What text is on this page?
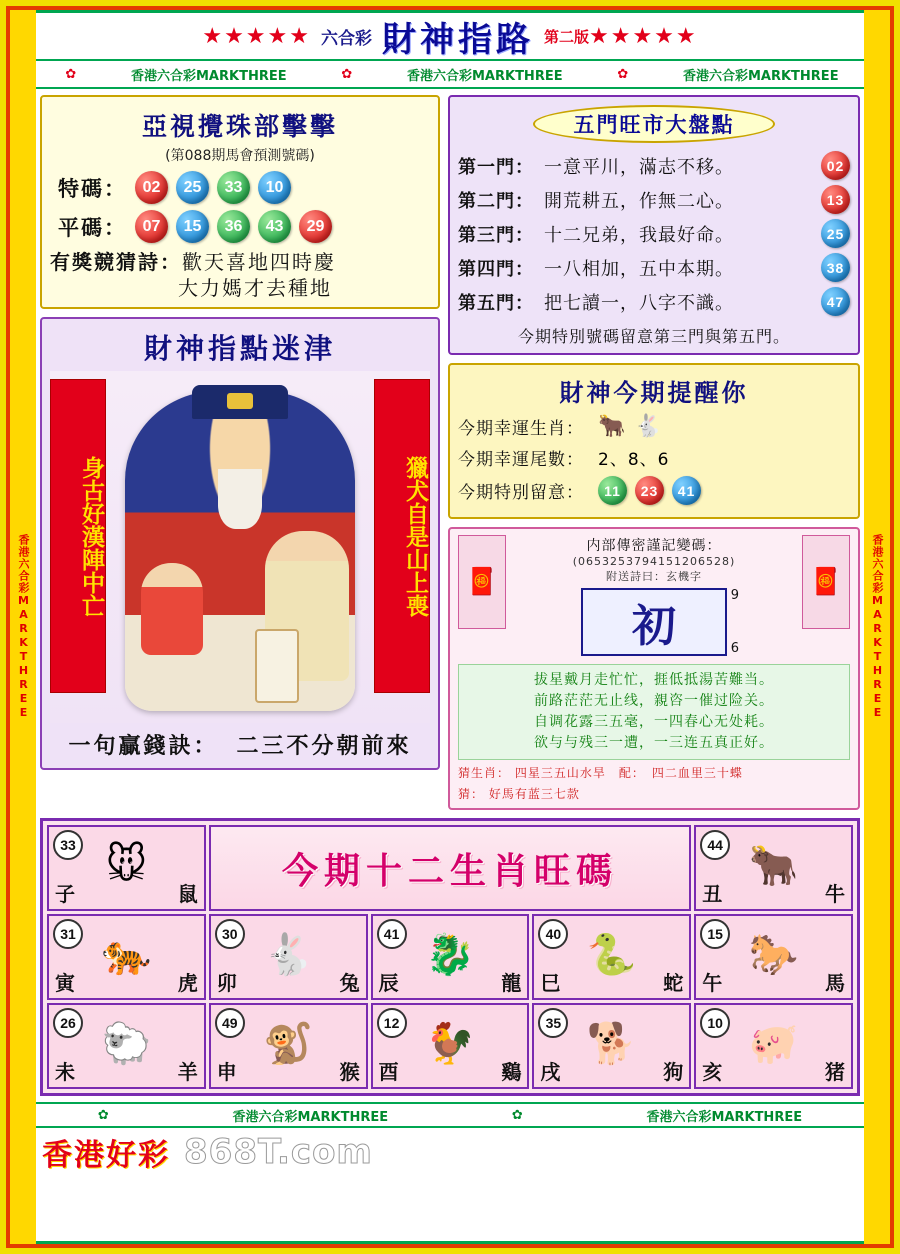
香港六合彩MARKTHREE	香港六合彩MARKTHREE
★★★★★ 六合彩 財神指路 第二版 ★★★★★
✿	香港六合彩MARKTHREE	✿	香港六合彩MARKTHREE	✿	香港六合彩MARKTHREE
亞視攪珠部擊擊
(第088期馬會預測號碼)
特碼： 02	25	33	10
平碼： 07	15	36	43	29
有獎競猜詩：歡天喜地四時慶
大力媽才去種地
財神指點迷津
身古好漢陣中亡	獵犬自是山上喪
一句贏錢訣： 二三不分朝前來
五門旺市大盤點
第一門： 一意平川，滿志不移。	02
第二門： 開荒耕五，作無二心。	13
第三門： 十二兄弟，我最好命。	25
第四門： 一八相加，五中本期。	38
第五門： 把七讀一，八字不識。	47
今期特別號碼留意第三門與第五門。
財神今期提醒你
今期幸運生肖： 🐂 🐇
今期幸運尾數： 2、8、6
今期特別留意：	11	23	41
🧧
内部傳密謹記變碼：
(0653253794151206528)
附送詩曰：玄機字
初
9
6
🧧
拔星戴月走忙忙，捱低抵湯苦難当。
前路茫茫无止线，親咨一催过险关。
自调花露三五毫，一四春心无处耗。
欲与与残三一遭，一三连五真正好。
猜生肖： 四星三五山水旱　配：　四二血里三十蝶
猜： 好馬有蓝三七款
33 🐭
子	鼠
今期十二生肖旺碼
44 🐂
丑	牛
31 🐅
寅	虎
30 🐇
卯	兔
41 🐉
辰	龍
40 🐍
巳	蛇
15 🐎
午	馬
26 🐑
未	羊
49 🐒
申	猴
12 🐓
酉	鷄
35 🐕
戌	狗
10 🐖
亥	猪
✿	香港六合彩MARKTHREE	✿	香港六合彩MARKTHREE
香港好彩 868T.com
